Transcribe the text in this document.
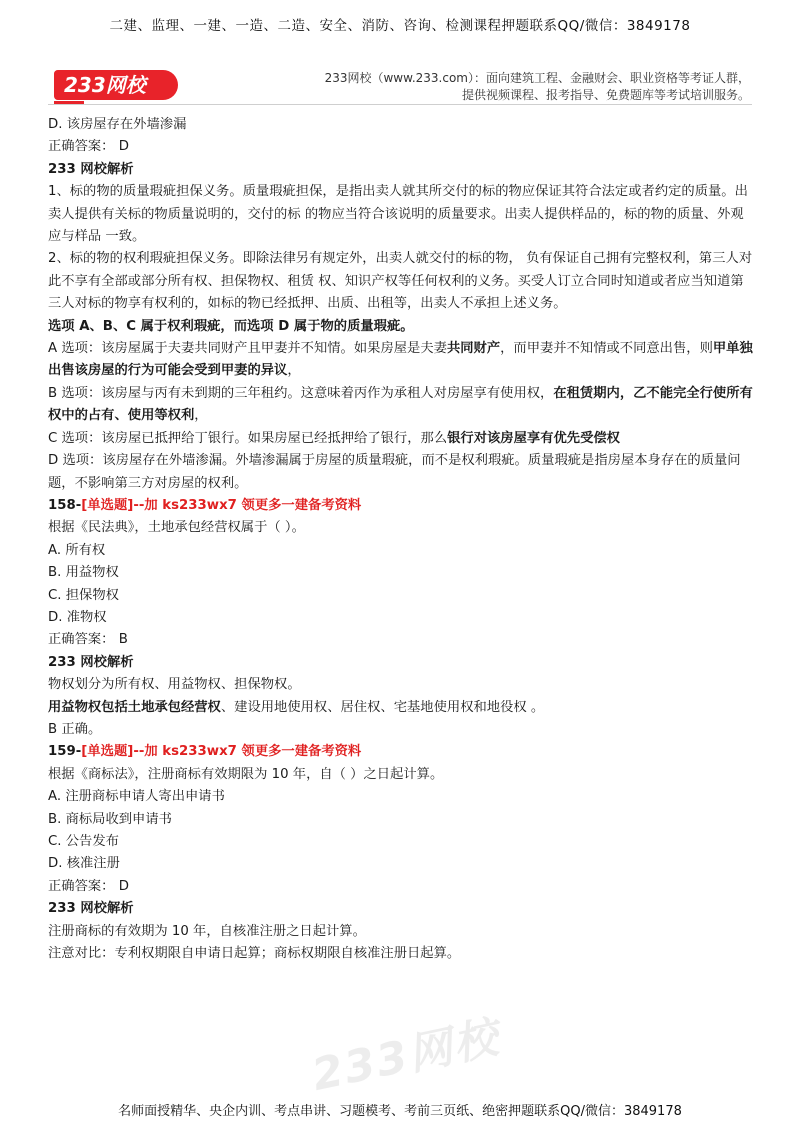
二建、监理、一建、一造、二造、安全、消防、咨询、检测课程押题联系QQ/微信：3849178
233网校	233网校（www.233.com）：面向建筑工程、金融财会、职业资格等考证人群，
提供视频课程、报考指导、免费题库等考试培训服务。

D. 该房屋存在外墙渗漏

正确答案： D

233 网校解析

1、标的物的质量瑕疵担保义务。质量瑕疵担保，是指出卖人就其所交付的标的物应保证其符合法定或者约定的质量。出卖人提供有关标的物质量说明的，交付的标 的物应当符合该说明的质量要求。出卖人提供样品的，标的物的质量、外观应与样品 一致。

2、标的物的权利瑕疵担保义务。即除法律另有规定外，出卖人就交付的标的物， 负有保证自己拥有完整权利，第三人对此不享有全部或部分所有权、担保物权、租赁 权、知识产权等任何权利的义务。买受人订立合同时知道或者应当知道第三人对标的物享有权利的，如标的物已经抵押、出质、出租等，出卖人不承担上述义务。

选项 A、B、C 属于权利瑕疵，而选项 D 属于物的质量瑕疵。

A 选项：该房屋属于夫妻共同财产且甲妻并不知情。如果房屋是夫妻共同财产，而甲妻并不知情或不同意出售，则甲单独出售该房屋的行为可能会受到甲妻的异议，

B 选项：该房屋与丙有未到期的三年租约。这意味着丙作为承租人对房屋享有使用权，在租赁期内，乙不能完全行使所有权中的占有、使用等权利，

C 选项：该房屋已抵押给丁银行。如果房屋已经抵押给了银行，那么银行对该房屋享有优先受偿权

D 选项：该房屋存在外墙渗漏。外墙渗漏属于房屋的质量瑕疵，而不是权利瑕疵。质量瑕疵是指房屋本身存在的质量问题，不影响第三方对房屋的权利。

158-[单选题]--加 ks233wx7 领更多一建备考资料

根据《民法典》，土地承包经营权属于（ ）。

A. 所有权

B. 用益物权

C. 担保物权

D. 准物权

正确答案： B

233 网校解析

物权划分为所有权、用益物权、担保物权。

用益物权包括土地承包经营权、建设用地使用权、居住权、宅基地使用权和地役权 。

B 正确。

159-[单选题]--加 ks233wx7 领更多一建备考资料

根据《商标法》，注册商标有效期限为 10 年，自（ ）之日起计算。

A. 注册商标申请人寄出申请书

B. 商标局收到申请书

C. 公告发布

D. 核准注册

正确答案： D

233 网校解析

注册商标的有效期为 10 年，自核准注册之日起计算。

注意对比：专利权期限自申请日起算；商标权期限自核准注册日起算。

233网校
名师面授精华、央企内训、考点串讲、习题模考、考前三页纸、绝密押题联系QQ/微信：3849178
